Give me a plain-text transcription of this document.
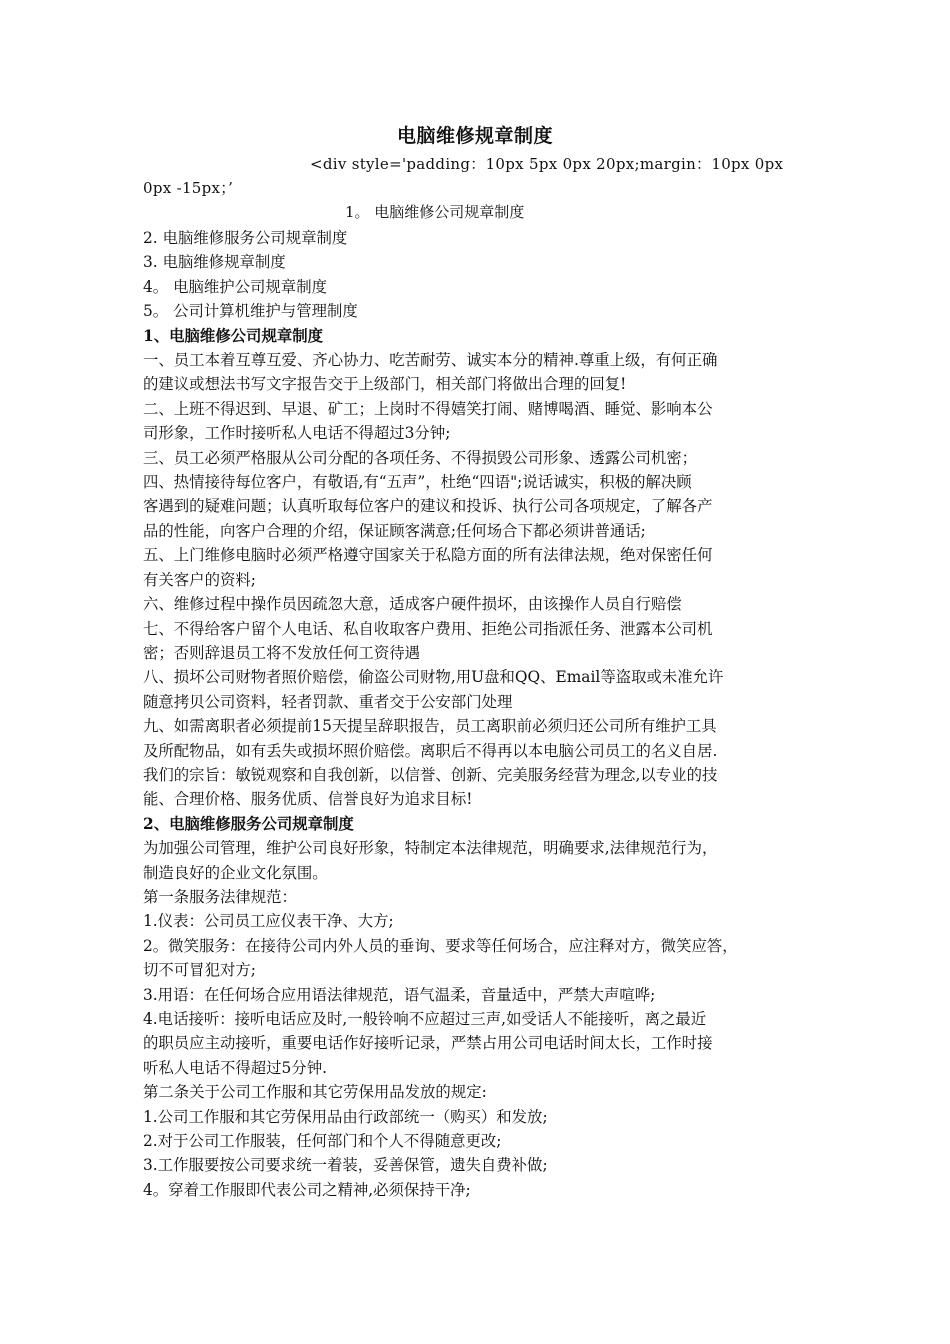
电脑维修规章制度
<div style='padding：10px 5px 0px 20px;margin：10px 0px
0px -15px；’
1。 电脑维修公司规章制度

2. 电脑维修服务公司规章制度

3. 电脑维修规章制度

4。 电脑维护公司规章制度

5。 公司计算机维护与管理制度

1、电脑维修公司规章制度

一、员工本着互尊互爱、齐心协力、吃苦耐劳、诚实本分的精神.尊重上级，有何正确

的建议或想法书写文字报告交于上级部门，相关部门将做出合理的回复!

二、上班不得迟到、早退、矿工；上岗时不得嬉笑打闹、赌博喝酒、睡觉、影响本公

司形象，工作时接听私人电话不得超过3分钟;

三、员工必须严格服从公司分配的各项任务、不得损毁公司形象、透露公司机密；

四、热情接待每位客户，有敬语,有“五声”，杜绝“四语";说话诚实，积极的解决顾

客遇到的疑难问题；认真听取每位客户的建议和投诉、执行公司各项规定，了解各产

品的性能，向客户合理的介绍，保证顾客满意;任何场合下都必须讲普通话;

五、上门维修电脑时必须严格遵守国家关于私隐方面的所有法律法规，绝对保密任何

有关客户的资料;

六、维修过程中操作员因疏忽大意，适成客户硬件损坏，由该操作人员自行赔偿

七、不得给客户留个人电话、私自收取客户费用、拒绝公司指派任务、泄露本公司机

密；否则辞退员工将不发放任何工资待遇

八、损坏公司财物者照价赔偿，偷盗公司财物,用U盘和QQ、Email等盗取或未准允许

随意拷贝公司资料，轻者罚款、重者交于公安部门处理

九、如需离职者必须提前15天提呈辞职报告，员工离职前必须归还公司所有维护工具

及所配物品，如有丢失或损坏照价赔偿。离职后不得再以本电脑公司员工的名义自居.

我们的宗旨：敏锐观察和自我创新，以信誉、创新、完美服务经营为理念,以专业的技

能、合理价格、服务优质、信誉良好为追求目标!

2、电脑维修服务公司规章制度

为加强公司管理，维护公司良好形象，特制定本法律规范，明确要求,法律规范行为，

制造良好的企业文化氛围。

第一条服务法律规范：

1.仪表：公司员工应仪表干净、大方;

2。微笑服务：在接待公司内外人员的垂询、要求等任何场合，应注释对方，微笑应答，

切不可冒犯对方;

3.用语：在任何场合应用语法律规范，语气温柔，音量适中，严禁大声喧哗;

4.电话接听：接听电话应及时,一般铃响不应超过三声,如受话人不能接听，离之最近

的职员应主动接听，重要电话作好接听记录，严禁占用公司电话时间太长，工作时接

听私人电话不得超过5分钟.

第二条关于公司工作服和其它劳保用品发放的规定:

1.公司工作服和其它劳保用品由行政部统一（购买）和发放;

2.对于公司工作服装，任何部门和个人不得随意更改;

3.工作服要按公司要求统一着装，妥善保管，遗失自费补做;

4。穿着工作服即代表公司之精神,必须保持干净;
